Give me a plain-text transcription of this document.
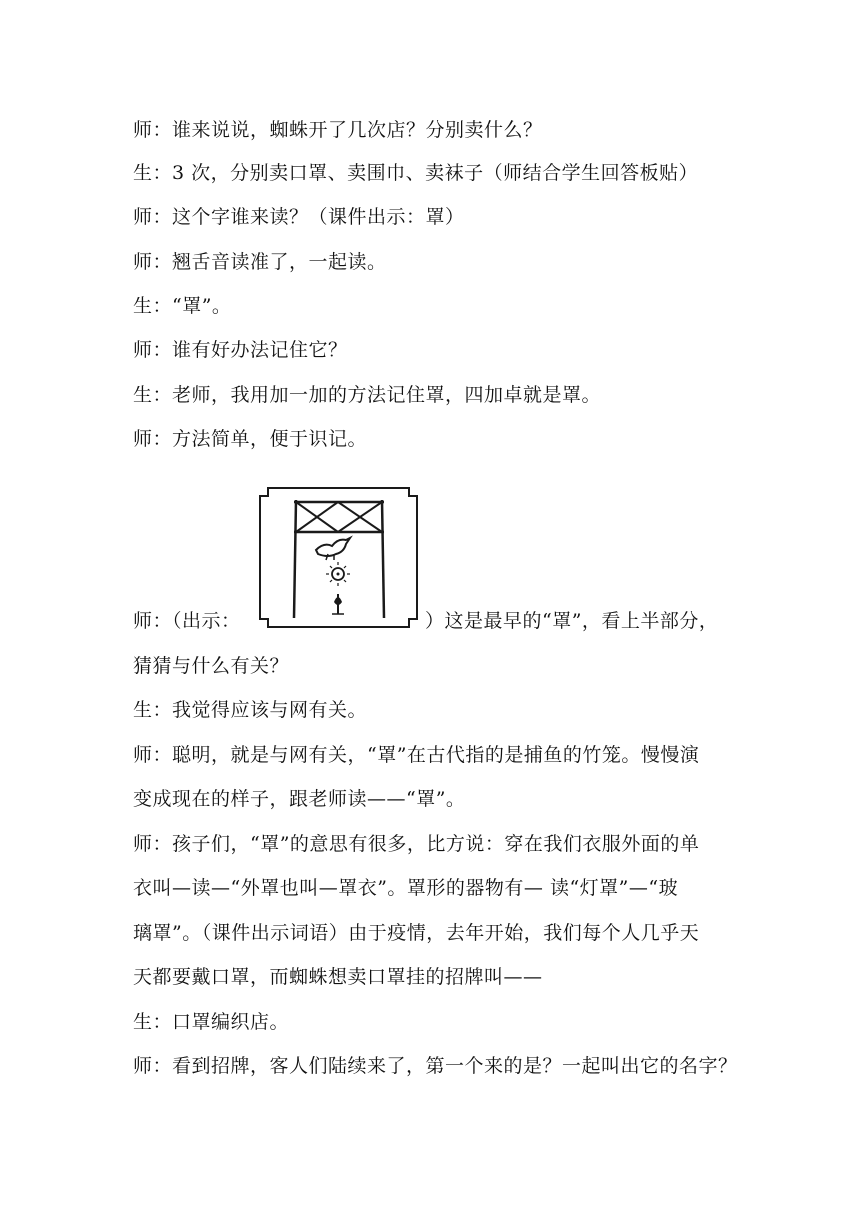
师：谁来说说，蜘蛛开了几次店？分别卖什么？
生：3 次，分别卖口罩、卖围巾、卖袜子（师结合学生回答板贴）
师：这个字谁来读？（课件出示：罩）
师：翘舌音读准了，一起读。
生：“罩”。
师：谁有好办法记住它？
生：老师，我用加一加的方法记住罩，四加卓就是罩。
师：方法简单，便于识记。
师：（出示：	）这是最早的“罩”，看上半部分，
猜猜与什么有关？
生：我觉得应该与网有关。
师：聪明，就是与网有关，“罩”在古代指的是捕鱼的竹笼。慢慢演
变成现在的样子，跟老师读——“罩”。
师：孩子们，“罩”的意思有很多，比方说：穿在我们衣服外面的单
衣叫—读—“外罩也叫—罩衣”。罩形的器物有— 读“灯罩”—“玻
璃罩”。（课件出示词语）由于疫情，去年开始，我们每个人几乎天
天都要戴口罩，而蜘蛛想卖口罩挂的招牌叫——
生：口罩编织店。
师：看到招牌，客人们陆续来了，第一个来的是？一起叫出它的名字？
